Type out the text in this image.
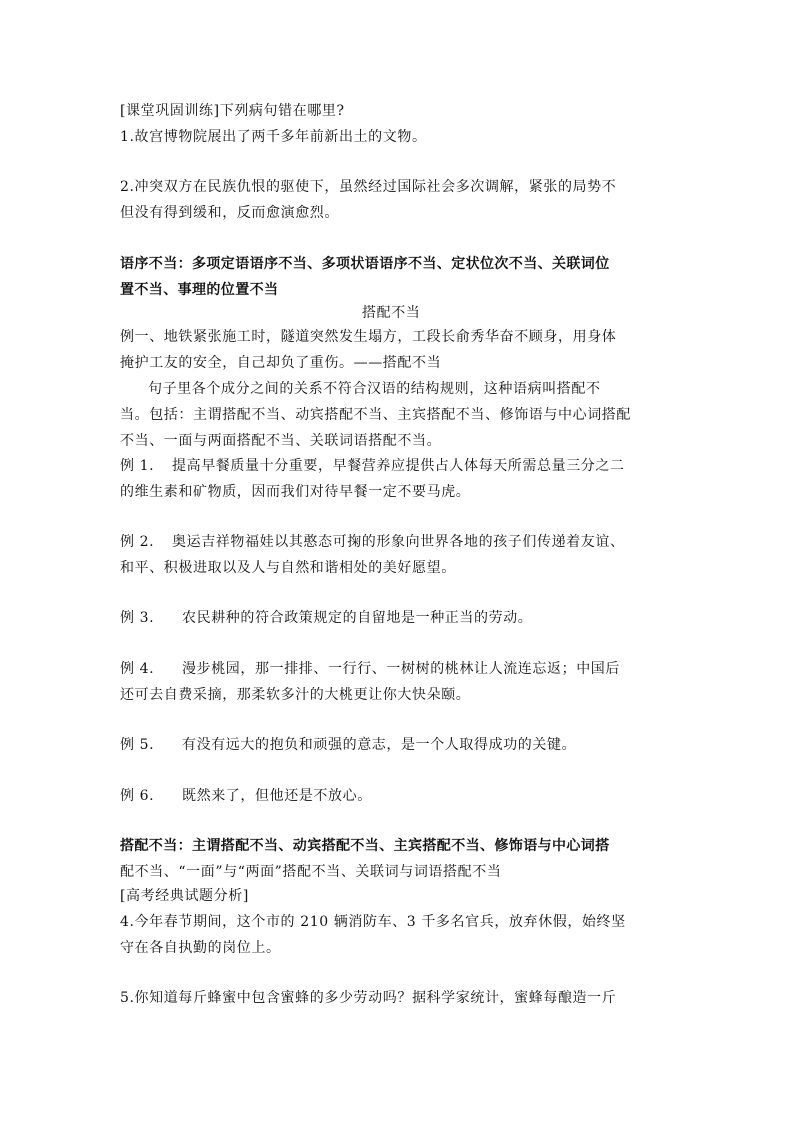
[课堂巩固训练]下列病句错在哪里?
1.故宫博物院展出了两千多年前新出土的文物。
2.冲突双方在民族仇恨的驱使下，虽然经过国际社会多次调解，紧张的局势不
但没有得到缓和，反而愈演愈烈。
语序不当：多项定语语序不当、多项状语语序不当、定状位次不当、关联词位
置不当、事理的位置不当
搭配不当
例一、地铁紧张施工时，隧道突然发生塌方，工段长俞秀华奋不顾身，用身体
掩护工友的安全，自己却负了重伤。——搭配不当
句子里各个成分之间的关系不符合汉语的结构规则，这种语病叫搭配不
当。包括：主谓搭配不当、动宾搭配不当、主宾搭配不当、修饰语与中心词搭配
不当、一面与两面搭配不当、关联词语搭配不当。
例 1. 提高早餐质量十分重要，早餐营养应提供占人体每天所需总量三分之二
的维生素和矿物质，因而我们对待早餐一定不要马虎。
例 2. 奥运吉祥物福娃以其憨态可掬的形象向世界各地的孩子们传递着友谊、
和平、积极进取以及人与自然和谐相处的美好愿望。
例 3. 农民耕种的符合政策规定的自留地是一种正当的劳动。
例 4. 漫步桃园，那一排排、一行行、一树树的桃林让人流连忘返；中国后
还可去自费采摘，那柔软多汁的大桃更让你大快朵颐。
例 5. 有没有远大的抱负和顽强的意志，是一个人取得成功的关键。
例 6. 既然来了，但他还是不放心。
搭配不当：主谓搭配不当、动宾搭配不当、主宾搭配不当、修饰语与中心词搭
配不当、“一面”与“两面”搭配不当、关联词与词语搭配不当
[高考经典试题分析]
4.今年春节期间，这个市的 210 辆消防车、3 千多名官兵，放弃休假，始终坚
守在各自执勤的岗位上。
5.你知道每斤蜂蜜中包含蜜蜂的多少劳动吗？据科学家统计，蜜蜂每酿造一斤
